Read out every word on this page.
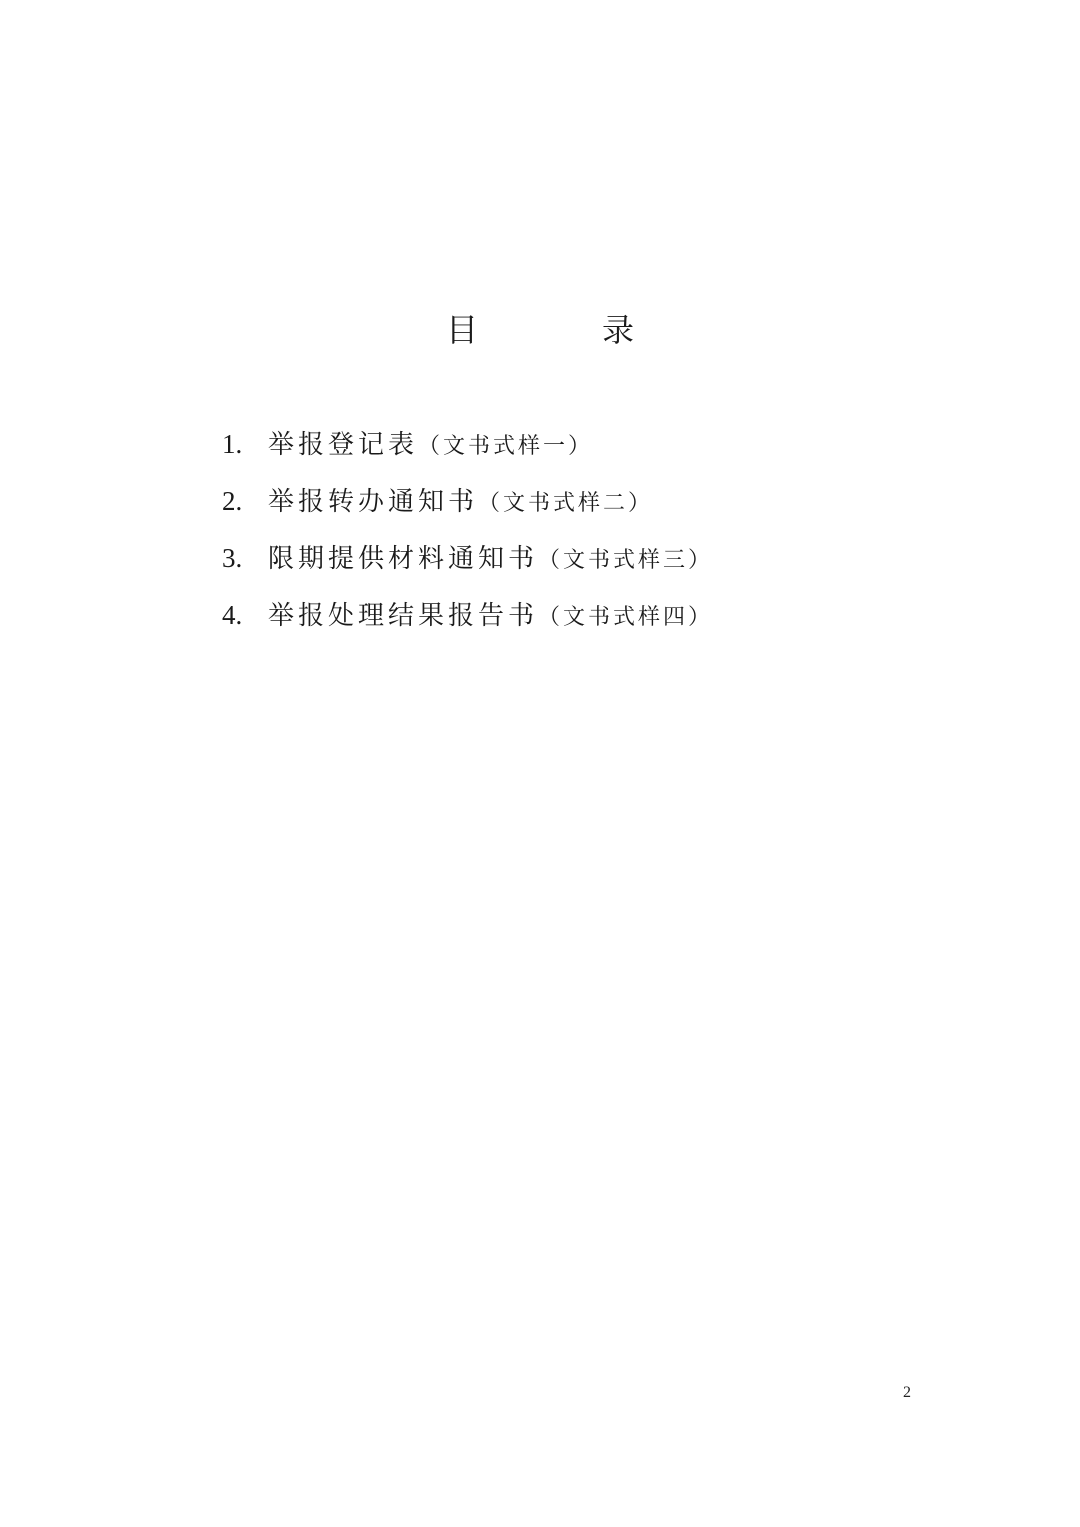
目　录
1. 举报登记表（文书式样一）
2. 举报转办通知书（文书式样二）
3. 限期提供材料通知书（文书式样三）
4. 举报处理结果报告书（文书式样四）
2
